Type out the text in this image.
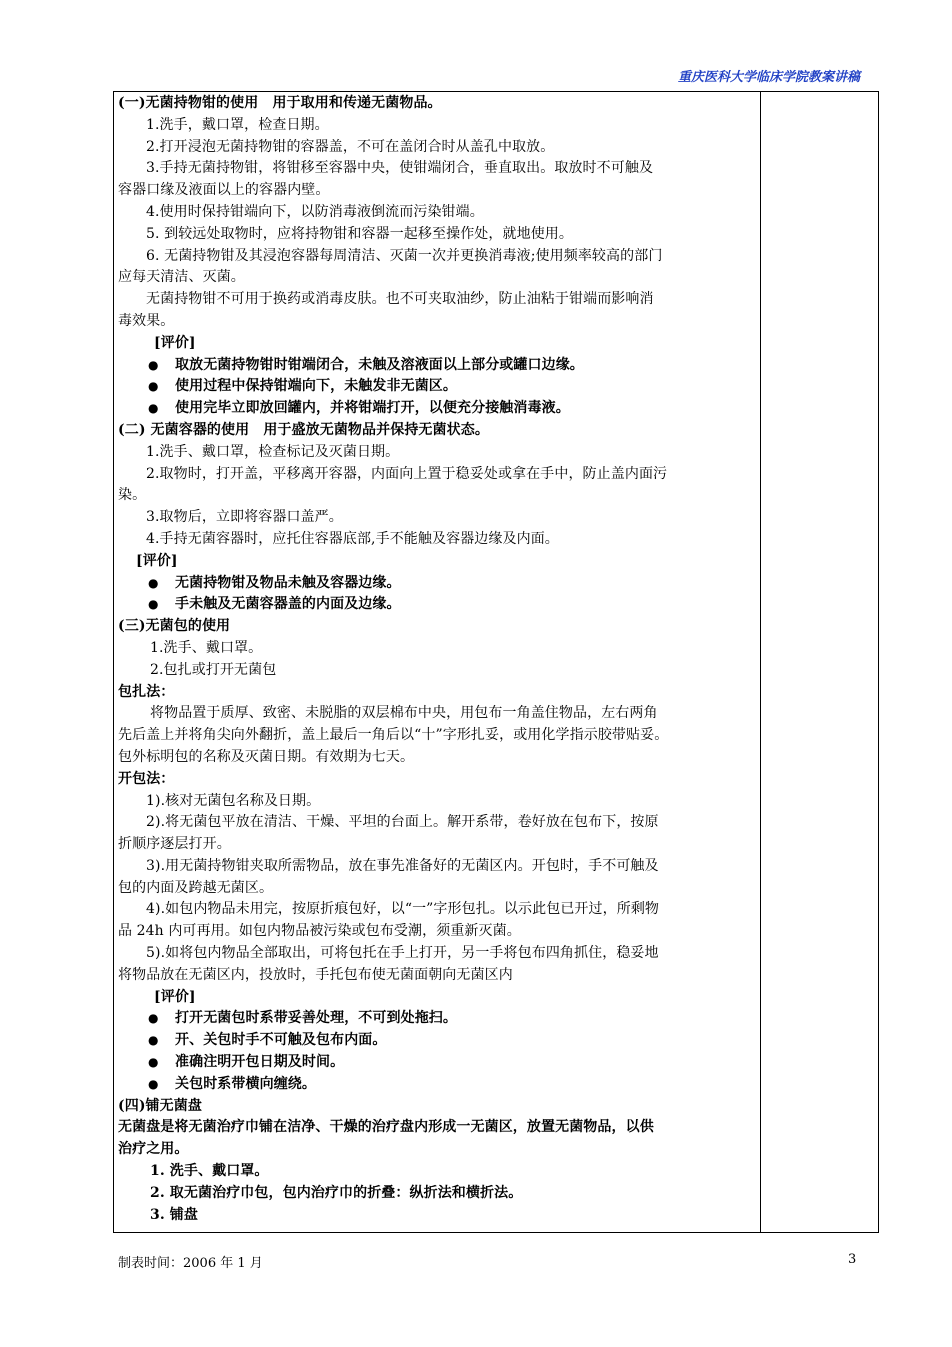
重庆医科大学临床学院教案讲稿

(一)无菌持物钳的使用　用于取用和传递无菌物品。

1.洗手，戴口罩，检查日期。

2.打开浸泡无菌持物钳的容器盖，不可在盖闭合时从盖孔中取放。

3.手持无菌持物钳，将钳移至容器中央，使钳端闭合，垂直取出。取放时不可触及

容器口缘及液面以上的容器内壁。

4.使用时保持钳端向下，以防消毒液倒流而污染钳端。

5. 到较远处取物时，应将持物钳和容器一起移至操作处，就地使用。

6. 无菌持物钳及其浸泡容器每周清洁、灭菌一次并更换消毒液;使用频率较高的部门

应每天清洁、灭菌。

无菌持物钳不可用于换药或消毒皮肤。也不可夹取油纱，防止油粘于钳端而影响消

毒效果。

[评价]

● 取放无菌持物钳时钳端闭合，未触及溶液面以上部分或罐口边缘。

● 使用过程中保持钳端向下，未触发非无菌区。

● 使用完毕立即放回罐内，并将钳端打开，以便充分接触消毒液。

(二) 无菌容器的使用　用于盛放无菌物品并保持无菌状态。

1.洗手、戴口罩，检查标记及灭菌日期。

2.取物时，打开盖，平移离开容器，内面向上置于稳妥处或拿在手中，防止盖内面污

染。

3.取物后，立即将容器口盖严。

4.手持无菌容器时，应托住容器底部,手不能触及容器边缘及内面。

[评价]

● 无菌持物钳及物品未触及容器边缘。

● 手未触及无菌容器盖的内面及边缘。

(三)无菌包的使用

1.洗手、戴口罩。

2.包扎或打开无菌包

包扎法：

将物品置于质厚、致密、未脱脂的双层棉布中央，用包布一角盖住物品，左右两角

先后盖上并将角尖向外翻折，盖上最后一角后以“十”字形扎妥，或用化学指示胶带贴妥。

包外标明包的名称及灭菌日期。有效期为七天。

开包法：

1).核对无菌包名称及日期。

2).将无菌包平放在清洁、干燥、平坦的台面上。解开系带，卷好放在包布下，按原

折顺序逐层打开。

3).用无菌持物钳夹取所需物品，放在事先准备好的无菌区内。开包时，手不可触及

包的内面及跨越无菌区。

4).如包内物品未用完，按原折痕包好，以“一”字形包扎。以示此包已开过，所剩物

品 24h 内可再用。如包内物品被污染或包布受潮，须重新灭菌。

5).如将包内物品全部取出，可将包托在手上打开，另一手将包布四角抓住，稳妥地

将物品放在无菌区内，投放时，手托包布使无菌面朝向无菌区内

[评价]

● 打开无菌包时系带妥善处理，不可到处拖扫。

● 开、关包时手不可触及包布内面。

● 准确注明开包日期及时间。

● 关包时系带横向缠绕。

(四)铺无菌盘

无菌盘是将无菌治疗巾铺在洁净、干燥的治疗盘内形成一无菌区，放置无菌物品，以供

治疗之用。

1. 洗手、戴口罩。

2. 取无菌治疗巾包，包内治疗巾的折叠：纵折法和横折法。

3. 铺盘

制表时间：2006 年 1 月	3
